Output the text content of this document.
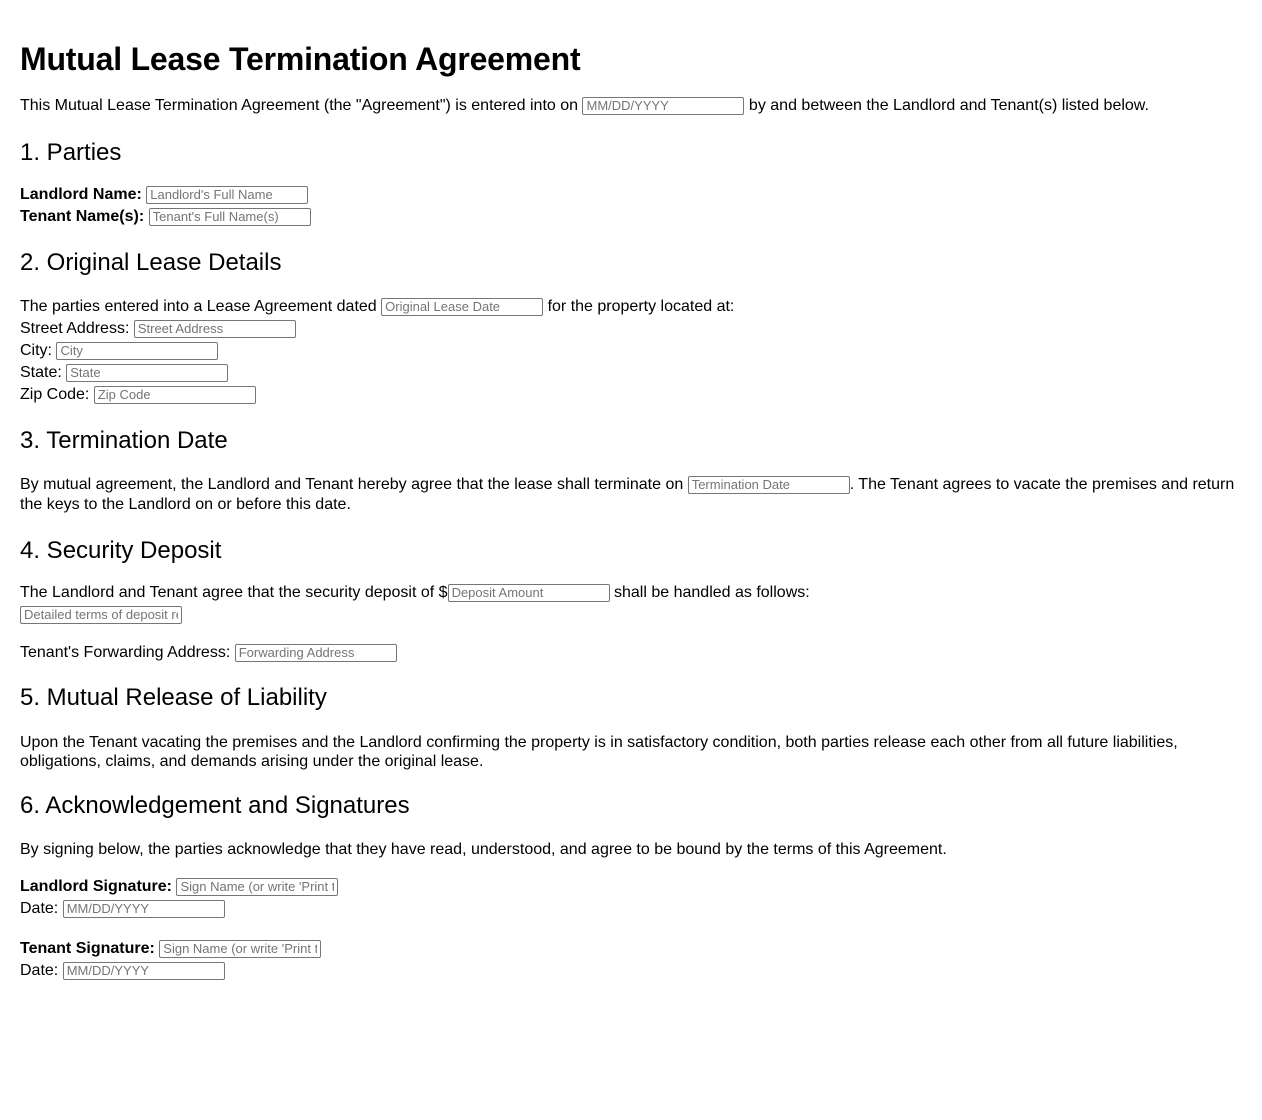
Mutual Lease Termination Agreement

This Mutual Lease Termination Agreement (the "Agreement") is entered into on MM/DD/YYYY	by and between the Landlord and Tenant(s) listed below.

1. Parties
Landlord Name: Landlord's Full Name
Tenant Name(s): Tenant's Full Name(s)
2. Original Lease Details
The parties entered into a Lease Agreement dated Original Lease Date	for the property located at:
Street Address: Street Address
City: City
State: State
Zip Code: Zip Code
3. Termination Date

By mutual agreement, the Landlord and Tenant hereby agree that the lease shall terminate on Termination Date	. The Tenant agrees to vacate the premises and return the keys to the Landlord on or before this date.

4. Security Deposit
The Landlord and Tenant agree that the security deposit of $Deposit Amount	shall be handled as follows:
Detailed terms of deposit return
Tenant's Forwarding Address: Forwarding Address
5. Mutual Release of Liability

Upon the Tenant vacating the premises and the Landlord confirming the property is in satisfactory condition, both parties release each other from all future liabilities, obligations, claims, and demands arising under the original lease.

6. Acknowledgement and Signatures

By signing below, the parties acknowledge that they have read, understood, and agree to be bound by the terms of this Agreement.

Landlord Signature: Sign Name (or write 'Print the form')
Date: MM/DD/YYYY
Tenant Signature: Sign Name (or write 'Print the form')
Date: MM/DD/YYYY
